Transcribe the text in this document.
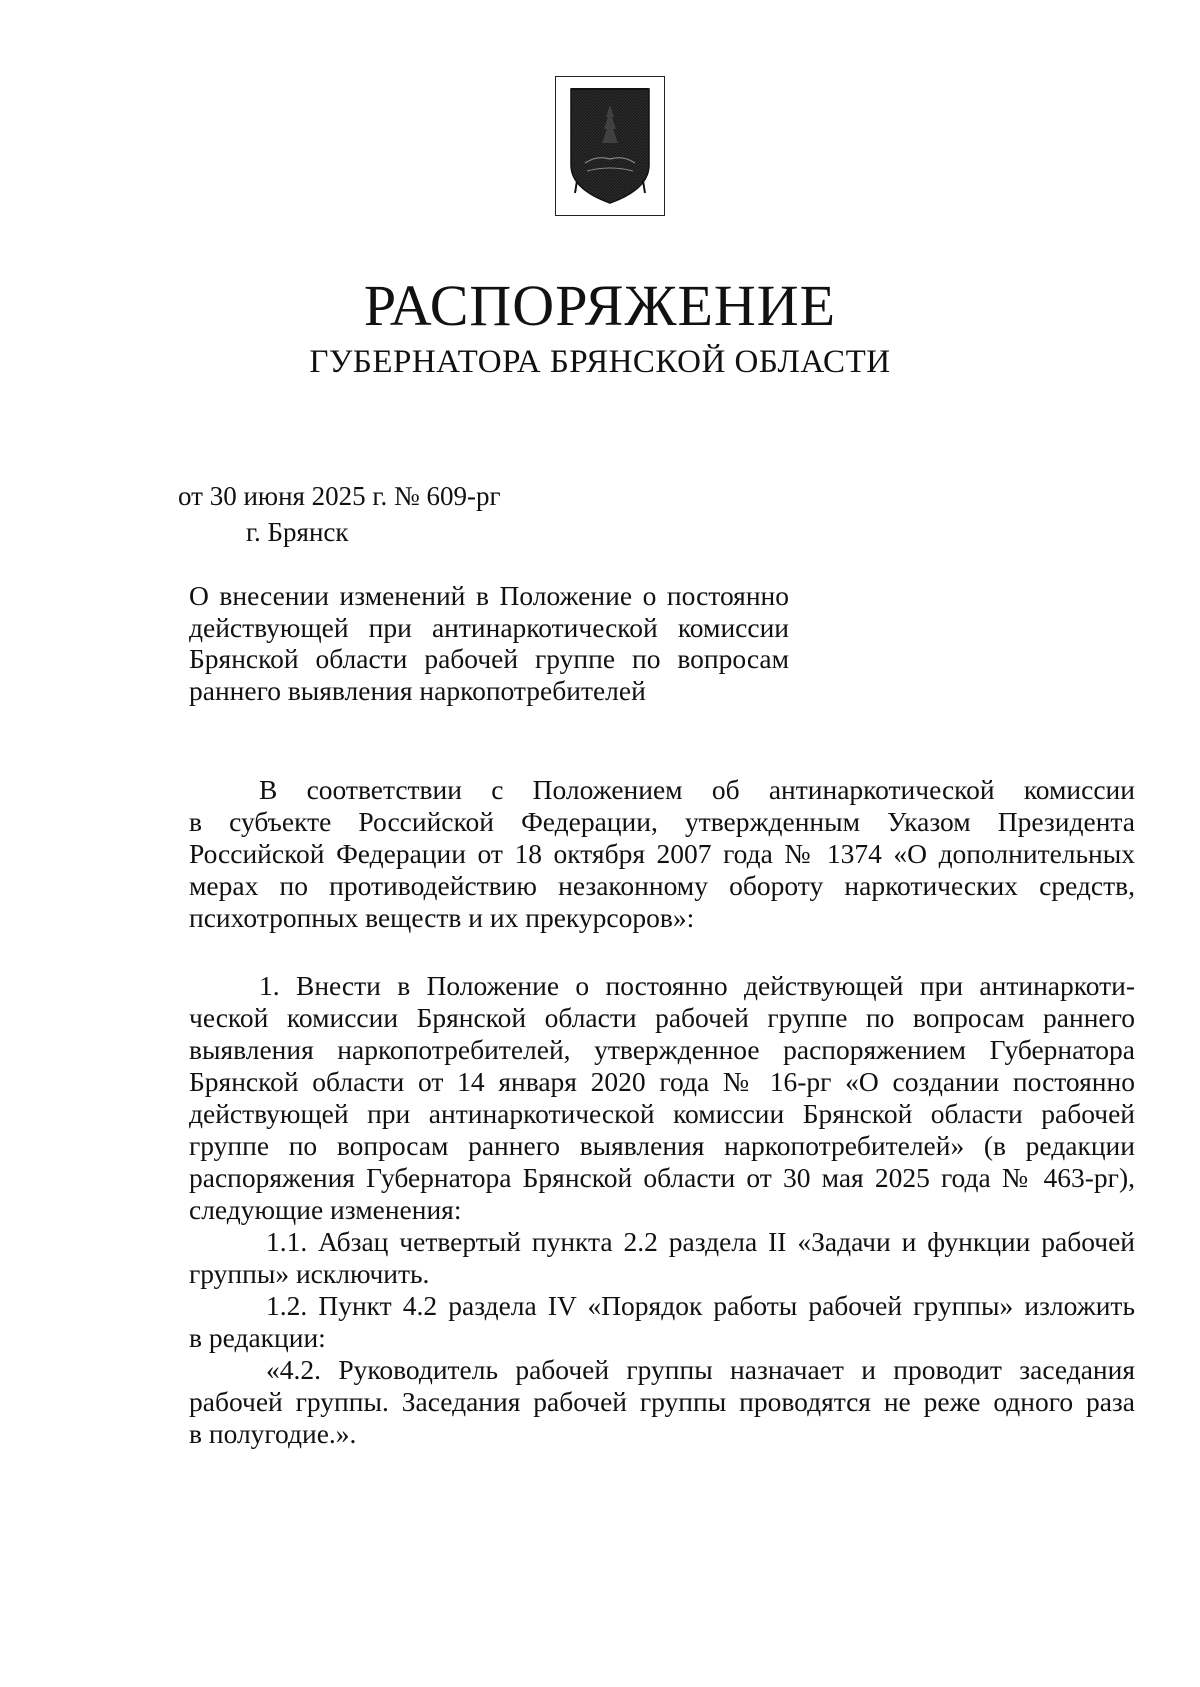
РАСПОРЯЖЕНИЕ
ГУБЕРНАТОРА БРЯНСКОЙ ОБЛАСТИ
от 30 июня 2025 г. № 609-рг
г. Брянск
О внесении изменений в Положение о постоянно
действующей при антинаркотической комиссии
Брянской области рабочей группе по вопросам
раннего выявления наркопотребителей
В соответствии с Положением об антинаркотической комиссии
в субъекте Российской Федерации, утвержденным Указом Президента
Российской Федерации от 18 октября 2007 года № 1374 «О дополнительных
мерах по противодействию незаконному обороту наркотических средств,
психотропных веществ и их прекурсоров»:
1. Внести в Положение о постоянно действующей при антинаркоти-
ческой комиссии Брянской области рабочей группе по вопросам раннего
выявления наркопотребителей, утвержденное распоряжением Губернатора
Брянской области от 14 января 2020 года № 16-рг «О создании постоянно
действующей при антинаркотической комиссии Брянской области рабочей
группе по вопросам раннего выявления наркопотребителей» (в редакции
распоряжения Губернатора Брянской области от 30 мая 2025 года № 463-рг),
следующие изменения:
1.1. Абзац четвертый пункта 2.2 раздела II «Задачи и функции рабочей
группы» исключить.
1.2. Пункт 4.2 раздела IV «Порядок работы рабочей группы» изложить
в редакции:
«4.2. Руководитель рабочей группы назначает и проводит заседания
рабочей группы. Заседания рабочей группы проводятся не реже одного раза
в полугодие.».
